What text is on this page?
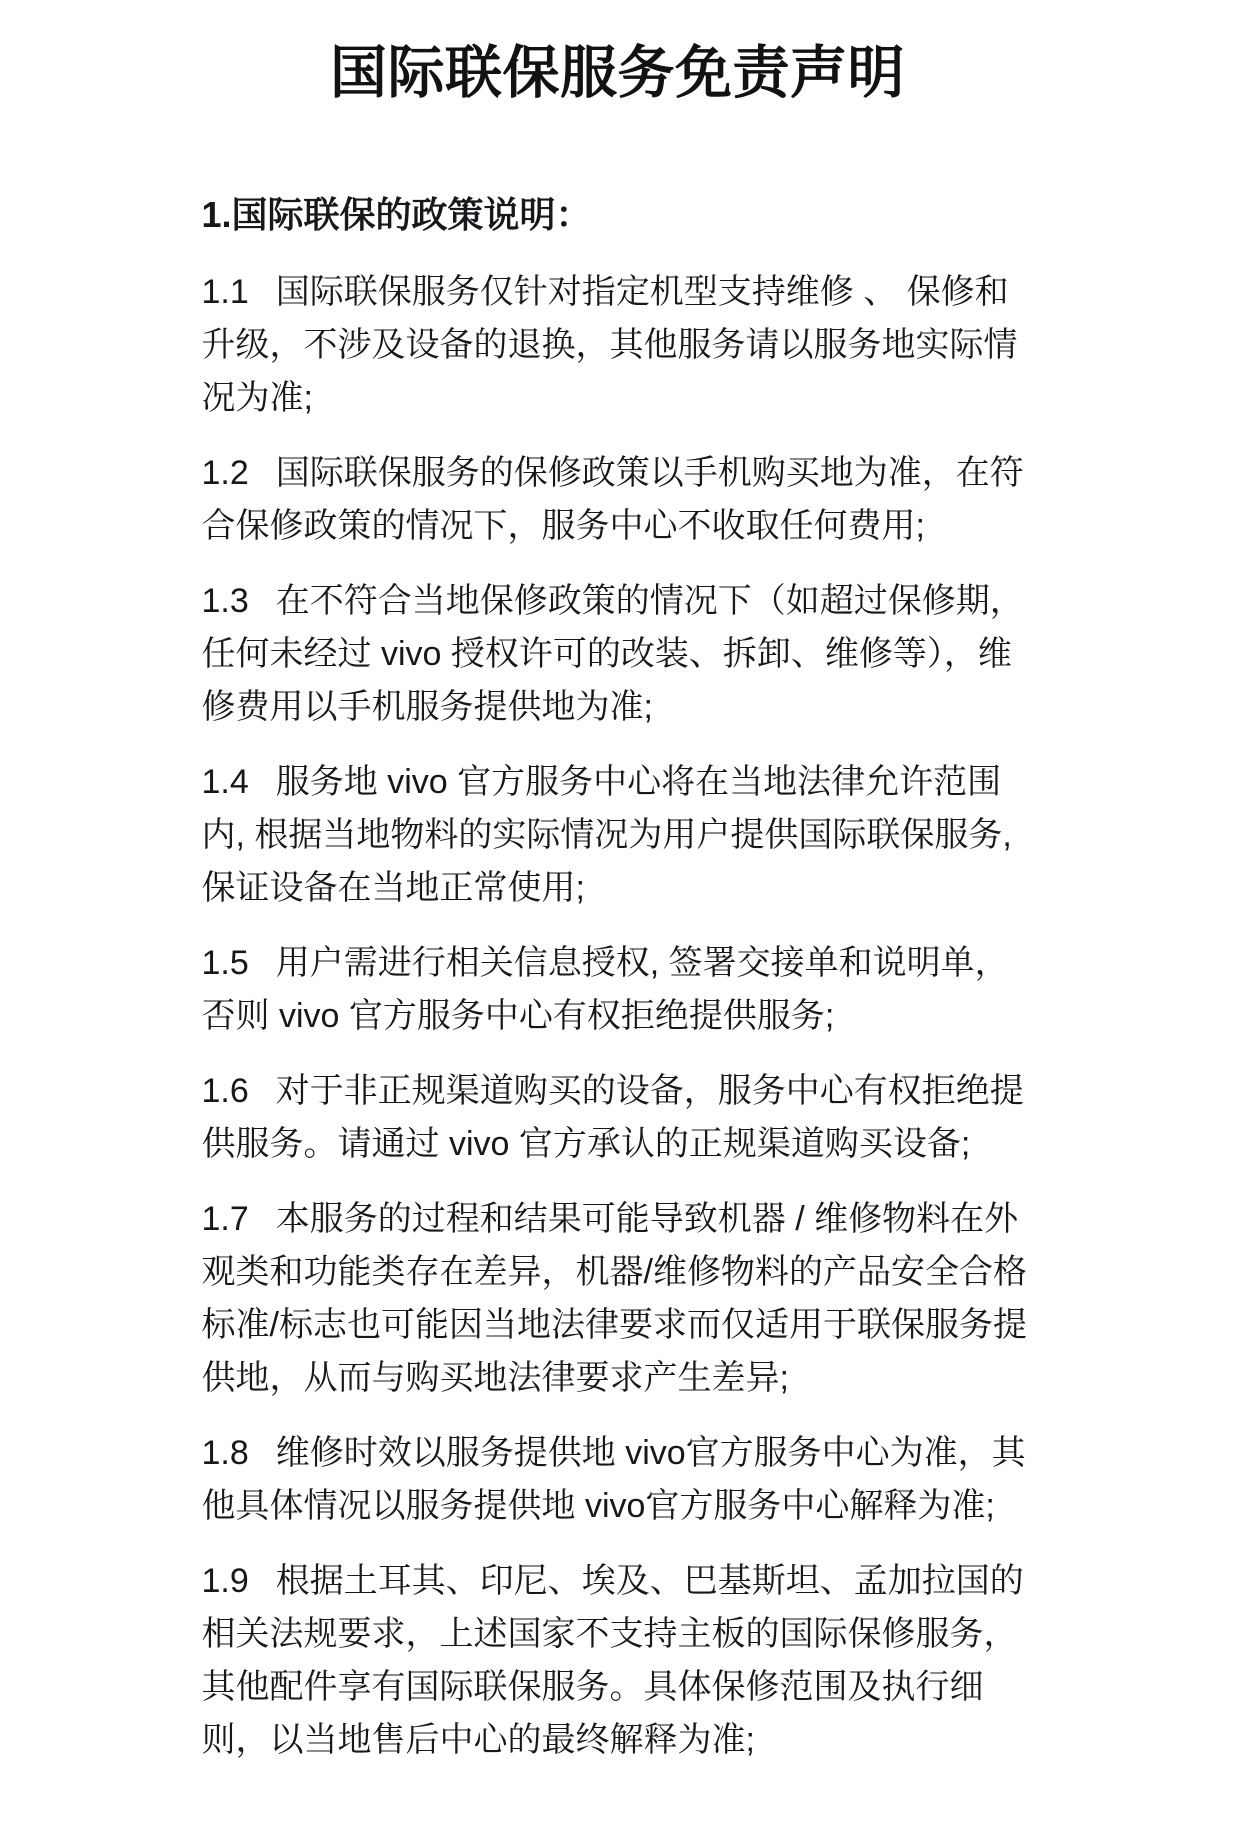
国际联保服务免责声明
1.国际联保的政策说明：

1.1 国际联保服务仅针对指定机型支持维修 、 保修和升级，不涉及设备的退换，其他服务请以服务地实际情况为准;

1.2 国际联保服务的保修政策以手机购买地为准，在符合保修政策的情况下，服务中心不收取任何费用;

1.3 在不符合当地保修政策的情况下（如超过保修期，任何未经过 vivo 授权许可的改装、拆卸、维修等），维修费用以手机服务提供地为准;

1.4 服务地 vivo 官方服务中心将在当地法律允许范围内, 根据当地物料的实际情况为用户提供国际联保服务, 保证设备在当地正常使用;

1.5 用户需进行相关信息授权, 签署交接单和说明单，否则 vivo 官方服务中心有权拒绝提供服务;

1.6 对于非正规渠道购买的设备，服务中心有权拒绝提供服务。请通过 vivo 官方承认的正规渠道购买设备;

1.7 本服务的过程和结果可能导致机器 / 维修物料在外观类和功能类存在差异，机器/维修物料的产品安全合格标准/标志也可能因当地法律要求而仅适用于联保服务提供地，从而与购买地法律要求产生差异;

1.8 维修时效以服务提供地 vivo官方服务中心为准，其他具体情况以服务提供地 vivo官方服务中心解释为准;

1.9 根据土耳其、印尼、埃及、巴基斯坦、孟加拉国的相关法规要求，上述国家不支持主板的国际保修服务，其他配件享有国际联保服务。具体保修范围及执行细则，以当地售后中心的最终解释为准;
